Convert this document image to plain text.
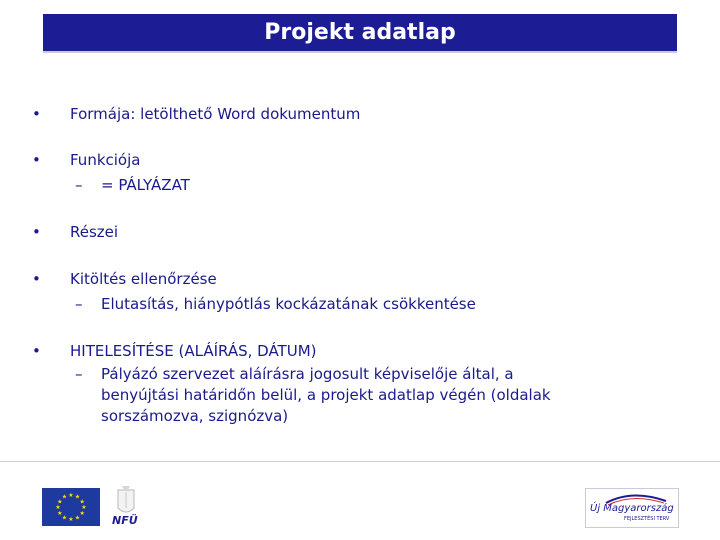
Projekt adatlap
•	Formája: letölthető Word dokumentum
•	Funkciója
– = PÁLYÁZAT
•	Részei
•	Kitöltés ellenőrzése
– Elutasítás, hiánypótlás kockázatának csökkentése
•	HITELESÍTÉSE (ALÁÍRÁS, DÁTUM)
– Pályázó szervezet aláírásra jogosult képviselője által, a
benyújtási határidőn belül, a projekt adatlap végén (oldalak
sorszámozva, szignózva)
★ ★
★
★
★
★
★
★
★
★
★
★
NFÜ
Új Magyarország
FEJLESZTÉSI TERV
